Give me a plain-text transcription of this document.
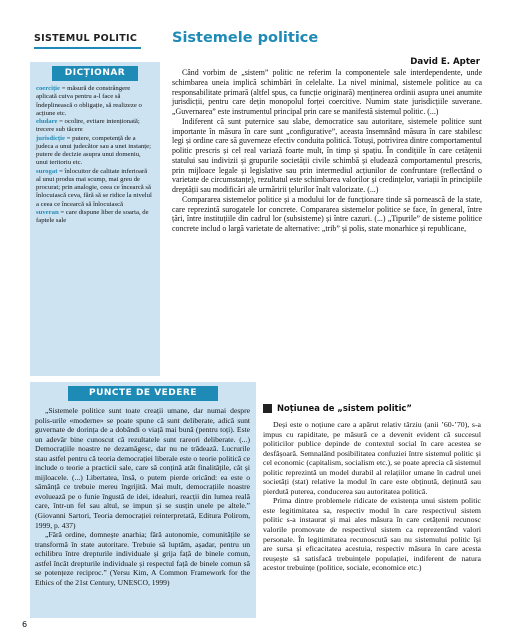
SISTEMUL POLITIC Sistemele politice
David E. Apter
DICȚIONAR

coerciție = măsură de constrângere aplicată cuiva pentru a-l face să îndeplinească o obligație, să realizeze o acțiune etc.

eludare = ocolire, evitare intenționată; trecere sub tăcere

jurisdicție = putere, competență de a judeca a unui judecător sau a unei instanțe; putere de decizie asupra unui domeniu, unui teritoriu etc.

surogat = înlocuitor de calitate inferioară al unui produs mai scump, mai greu de procurat; prin analogie, ceea ce încearcă să înlocuiască ceva, fără să se ridice la nivelul a ceea ce încearcă să înlocuiască

suveran = care dispune liber de soarta, de faptele sale

Când vorbim de „sistem” politic ne referim la componentele sale interdependente, unde schimbarea uneia implică schimbări în celelalte. La nivel minimal, sistemele politice au ca responsabilitate primară (altfel spus, ca funcție originară) menținerea ordinii asupra unei anumite jurisdicții, pentru care dețin monopolul forței coercitive. Numim state jurisdicțiile suverane. „Guvernarea” este instrumentul principal prin care se manifestă sistemul politic. (...)

Indiferent că sunt puternice sau slabe, democratice sau autoritare, sistemele politice sunt importante în măsura în care sunt „configurative”, aceasta însemnând măsura în care stabilesc legi și ordine care să guverneze efectiv conduita politică. Totuși, potrivirea dintre comportamentul politic prescris și cel real variază foarte mult, în timp și spațiu. În condițiile în care cetățenii statului sau indivizii și grupurile societății civile schimbă și eludează comportamentul prescris, prin mijloace legale și legislative sau prin intermediul acțiunilor de confruntare (reflectând o varietate de circumstanțe), rezultatul este schimbarea valorilor și credințelor, variații în principiile dreptății sau modificări ale urmăririi țelurilor înalt valorizate. (...)

Compararea sistemelor politice și a modului lor de funcționare tinde să pornească de la state, care reprezintă surogatele lor concrete. Compararea sistemelor politice se face, în general, între țări, între instituțiile din cadrul lor (subsisteme) și între cazuri. (...) „Tipurile” de sisteme politice concrete includ o largă varietate de alternative: „trib” și polis, state monarhice și republicane,

PUNCTE DE VEDERE

„Sistemele politice sunt toate creații umane, dar numai despre polis-urile «moderne» se poate spune că sunt deliberate, adică sunt guvernate de dorința de a dobândi o viață mai bună (pentru toți). Este un adevăr bine cunoscut că rezultatele sunt rareori deliberate. (...) Democrațiile noastre ne dezamăgesc, dar nu ne trădează. Lucrurile stau astfel pentru că teoria democrației liberale este o teorie politică ce include o teorie a practicii sale, care să conțină atât finalitățile, cât și mijloacele. (...) Libertatea, însă, o putem pierde oricând: ea este o sămânță ce trebuie mereu îngrijită. Mai mult, democrațiile noastre evoluează pe o funie îngustă de idei, idealuri, reacții din lumea reală care, într-un fel sau altul, se impun și se susțin unele pe altele.” (Giovanni Sartori, Teoria democrației reinterpretată, Editura Polirom, 1999, p. 437)

„Fără ordine, domnește anarhia; fără autonomie, comunitățile se transformă în state autoritare. Trebuie să luptăm, așadar, pentru un echilibru între drepturile individuale și grija față de binele comun, astfel încât drepturile individuale și respectul față de binele comun să se potențeze reciproc.” (Yersu Kim, A Common Framework for the Ethics of the 21st Century, UNESCO, 1999)

Noțiunea de „sistem politic”

Deși este o noțiune care a apărut relativ târziu (anii ’60-’70), s-a impus cu rapiditate, pe măsură ce a devenit evident că succesul politicilor publice depinde de contextul social în care acestea se desfășoară. Semnalând posibilitatea confuziei între sistemul politic și cel economic (capitalism, socialism etc.), se poate aprecia că sistemul politic reprezintă un model durabil al relațiilor umane în cadrul unei societăți (stat) relative la modul în care este obținută, deținută sau pierdută puterea, conducerea sau autoritatea politică.

Prima dintre problemele ridicate de existența unui sistem politic este legitimitatea sa, respectiv modul în care respectivul sistem politic s-a instaurat și mai ales măsura în care cetățenii recunosc valorile promovate de respectivul sistem ca reprezentând valori personale. În legitimitatea recunoscută sau nu sistemului politic își are sursa și eficacitatea acestuia, respectiv măsura în care acesta reușește să satisfacă trebuințele populației, indiferent de natura acestor trebuințe (politice, sociale, economice etc.)

6
